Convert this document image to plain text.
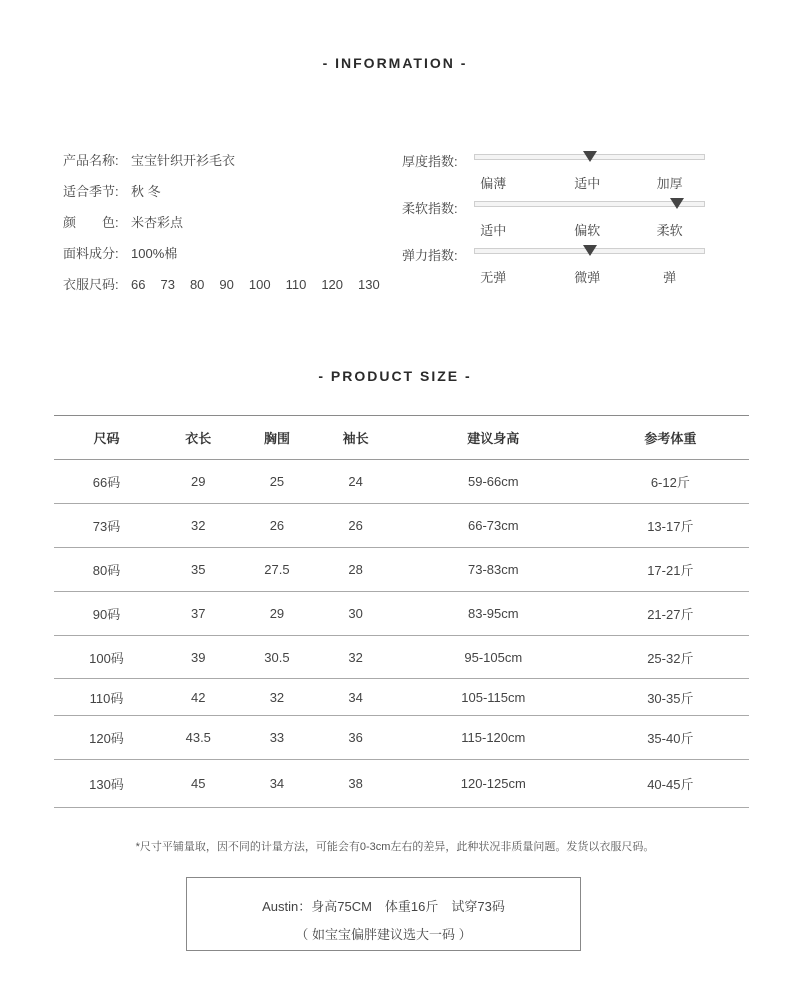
- INFORMATION -
产品名称: 宝宝针织开衫毛衣
适合季节: 秋 冬
颜　　色: 米杏彩点
面料成分: 100%棉
衣服尺码: 66 73 80 90 100 110 120 130
厚度指数:
偏薄	适中	加厚
柔软指数:
适中	偏软	柔软
弹力指数:
无弹	微弹	弹
- PRODUCT SIZE -
尺码	衣长	胸围	袖长	建议身高	参考体重
66码	29	25	24	59-66cm	6-12斤
73码	32	26	26	66-73cm	13-17斤
80码	35	27.5	28	73-83cm	17-21斤
90码	37	29	30	83-95cm	21-27斤
100码	39	30.5	32	95-105cm	25-32斤
110码	42	32	34	105-115cm	30-35斤
120码	43.5	33	36	115-120cm	35-40斤
130码	45	34	38	120-125cm	40-45斤
*尺寸平铺量取，因不同的计量方法，可能会有0-3cm左右的差异，此种状况非质量问题。发货以衣服尺码。
Austin：身高75CM　体重16斤　试穿73码
（ 如宝宝偏胖建议选大一码 ）
